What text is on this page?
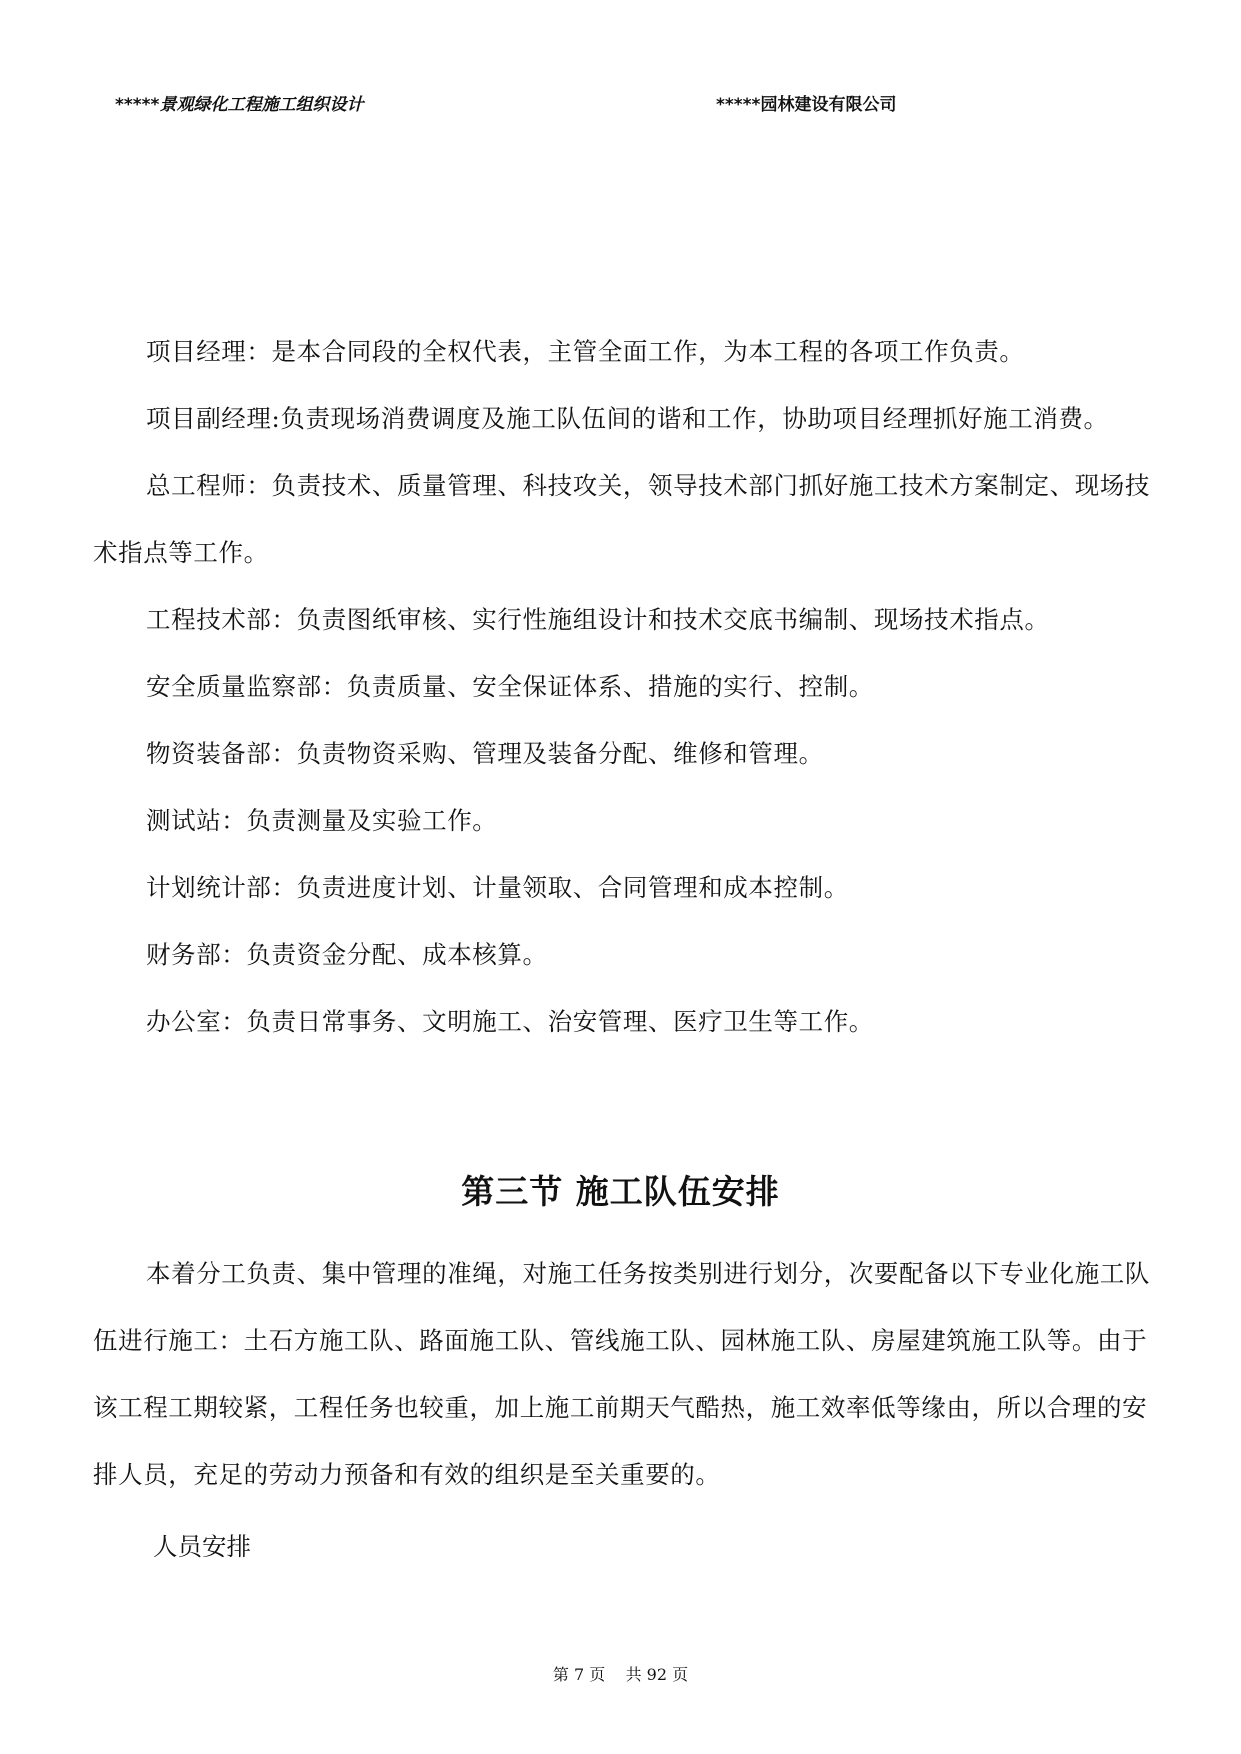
*****景观绿化工程施工组织设计	*****园林建设有限公司

项目经理：是本合同段的全权代表，主管全面工作，为本工程的各项工作负责。

项目副经理:负责现场消费调度及施工队伍间的谐和工作，协助项目经理抓好施工消费。

总工程师：负责技术、质量管理、科技攻关，领导技术部门抓好施工技术方案制定、现场技术指点等工作。

工程技术部：负责图纸审核、实行性施组设计和技术交底书编制、现场技术指点。

安全质量监察部：负责质量、安全保证体系、措施的实行、控制。

物资装备部：负责物资采购、管理及装备分配、维修和管理。

测试站：负责测量及实验工作。

计划统计部：负责进度计划、计量领取、合同管理和成本控制。

财务部：负责资金分配、成本核算。

办公室：负责日常事务、文明施工、治安管理、医疗卫生等工作。

第三节 施工队伍安排

本着分工负责、集中管理的准绳，对施工任务按类别进行划分，次要配备以下专业化施工队伍进行施工：土石方施工队、路面施工队、管线施工队、园林施工队、房屋建筑施工队等。由于该工程工期较紧，工程任务也较重，加上施工前期天气酷热，施工效率低等缘由，所以合理的安排人员，充足的劳动力预备和有效的组织是至关重要的。

人员安排
第 7 页    共 92 页
